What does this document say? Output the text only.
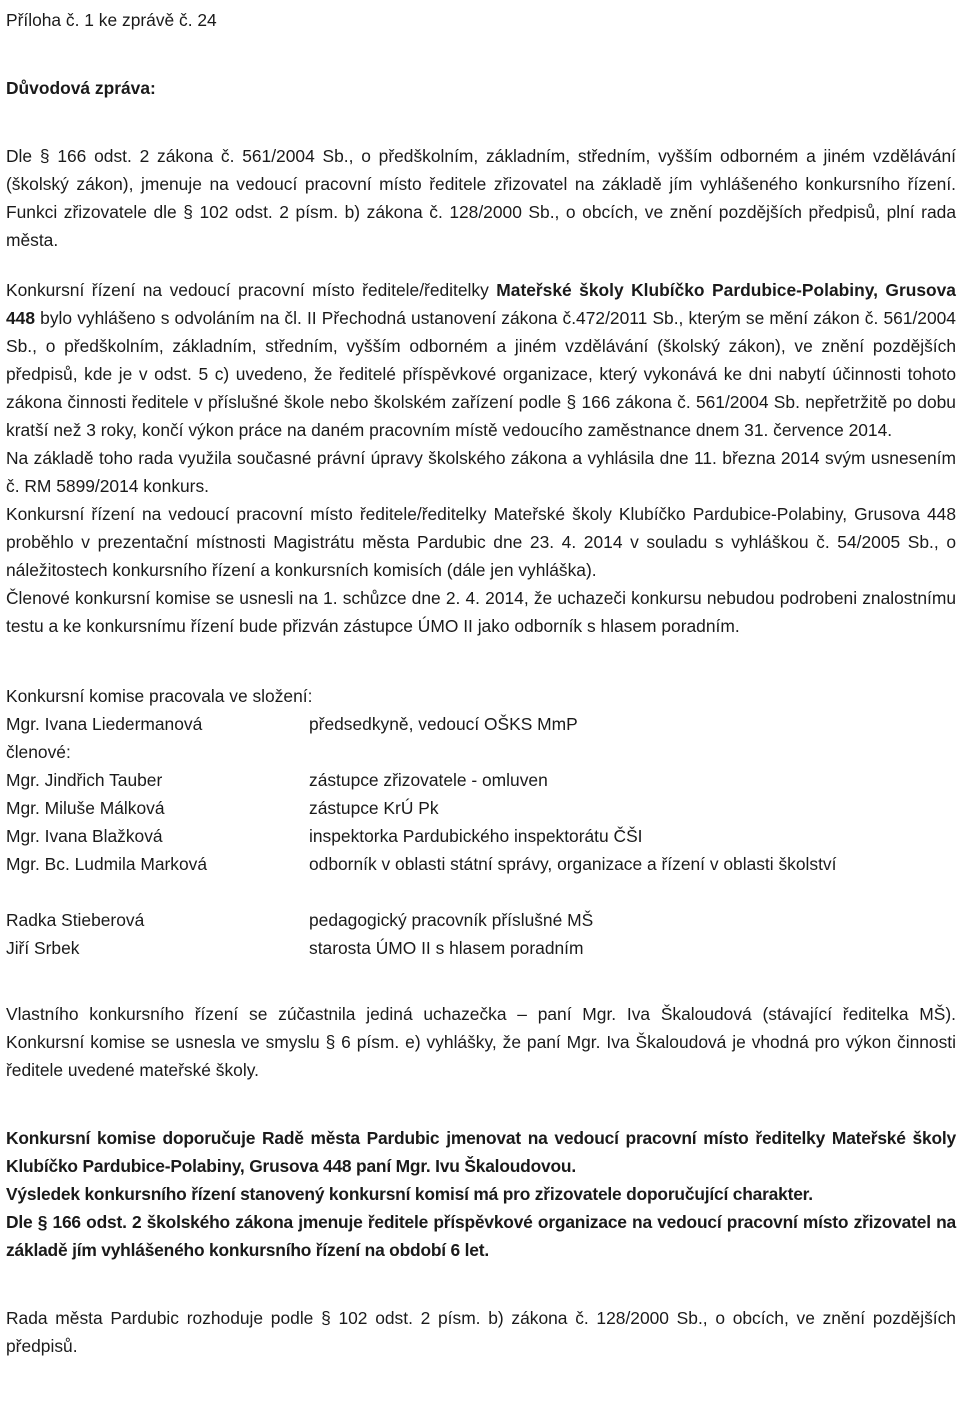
Příloha č. 1 ke zprávě č. 24

Důvodová zpráva:

Dle § 166 odst. 2 zákona č. 561/2004 Sb., o předškolním, základním, středním, vyšším odborném a jiném vzdělávání (školský zákon), jmenuje na vedoucí pracovní místo ředitele zřizovatel na základě jím vyhlášeného konkursního řízení. Funkci zřizovatele dle § 102 odst. 2 písm. b) zákona č. 128/2000 Sb., o obcích, ve znění pozdějších předpisů, plní rada města.

Konkursní řízení na vedoucí pracovní místo ředitele/ředitelky Mateřské školy Klubíčko Pardubice-Polabiny, Grusova 448 bylo vyhlášeno s odvoláním na čl. II Přechodná ustanovení zákona č.472/2011 Sb., kterým se mění zákon č. 561/2004 Sb., o předškolním, základním, středním, vyšším odborném a jiném vzdělávání (školský zákon), ve znění pozdějších předpisů, kde je v odst. 5 c) uvedeno, že ředitelé příspěvkové organizace, který vykonává ke dni nabytí účinnosti tohoto zákona činnosti ředitele v příslušné škole nebo školském zařízení podle § 166 zákona č. 561/2004 Sb. nepřetržitě po dobu kratší než 3 roky, končí výkon práce na daném pracovním místě vedoucího zaměstnance dnem 31. července 2014.

Na základě toho rada využila současné právní úpravy školského zákona a vyhlásila dne 11. března 2014 svým usnesením č. RM 5899/2014 konkurs.

Konkursní řízení na vedoucí pracovní místo ředitele/ředitelky Mateřské školy Klubíčko Pardubice-Polabiny, Grusova 448 proběhlo v prezentační místnosti Magistrátu města Pardubic dne 23. 4. 2014 v souladu s vyhláškou č. 54/2005 Sb., o náležitostech konkursního řízení a konkursních komisích (dále jen vyhláška).

Členové konkursní komise se usnesli na 1. schůzce dne 2. 4. 2014, že uchazeči konkursu nebudou podrobeni znalostnímu testu a ke konkursnímu řízení bude přizván zástupce ÚMO II jako odborník s hlasem poradním.

Konkursní komise pracovala ve složení:

Mgr. Ivana Liedermanová	předsedkyně, vedoucí OŠKS MmP

členové:

Mgr. Jindřich Tauber	zástupce zřizovatele - omluven
Mgr. Miluše Málková	zástupce KrÚ Pk
Mgr. Ivana Blažková	inspektorka Pardubického inspektorátu ČŠI
Mgr. Bc. Ludmila Marková	odborník v oblasti státní správy, organizace a řízení v oblasti školství
Radka Stieberová	pedagogický pracovník příslušné MŠ
Jiří Srbek	starosta ÚMO II s hlasem poradním

Vlastního konkursního řízení se zúčastnila jediná uchazečka – paní Mgr. Iva Škaloudová (stávající ředitelka MŠ). Konkursní komise se usnesla ve smyslu § 6 písm. e) vyhlášky, že paní Mgr. Iva Škaloudová je vhodná pro výkon činnosti ředitele uvedené mateřské školy.

Konkursní komise doporučuje Radě města Pardubic jmenovat na vedoucí pracovní místo ředitelky Mateřské školy Klubíčko Pardubice-Polabiny, Grusova 448 paní Mgr. Ivu Škaloudovou.

Výsledek konkursního řízení stanovený konkursní komisí má pro zřizovatele doporučující charakter.

Dle § 166 odst. 2 školského zákona jmenuje ředitele příspěvkové organizace na vedoucí pracovní místo zřizovatel na základě jím vyhlášeného konkursního řízení na období 6 let.

Rada města Pardubic rozhoduje podle § 102 odst. 2 písm. b) zákona č. 128/2000 Sb., o obcích, ve znění pozdějších předpisů.
